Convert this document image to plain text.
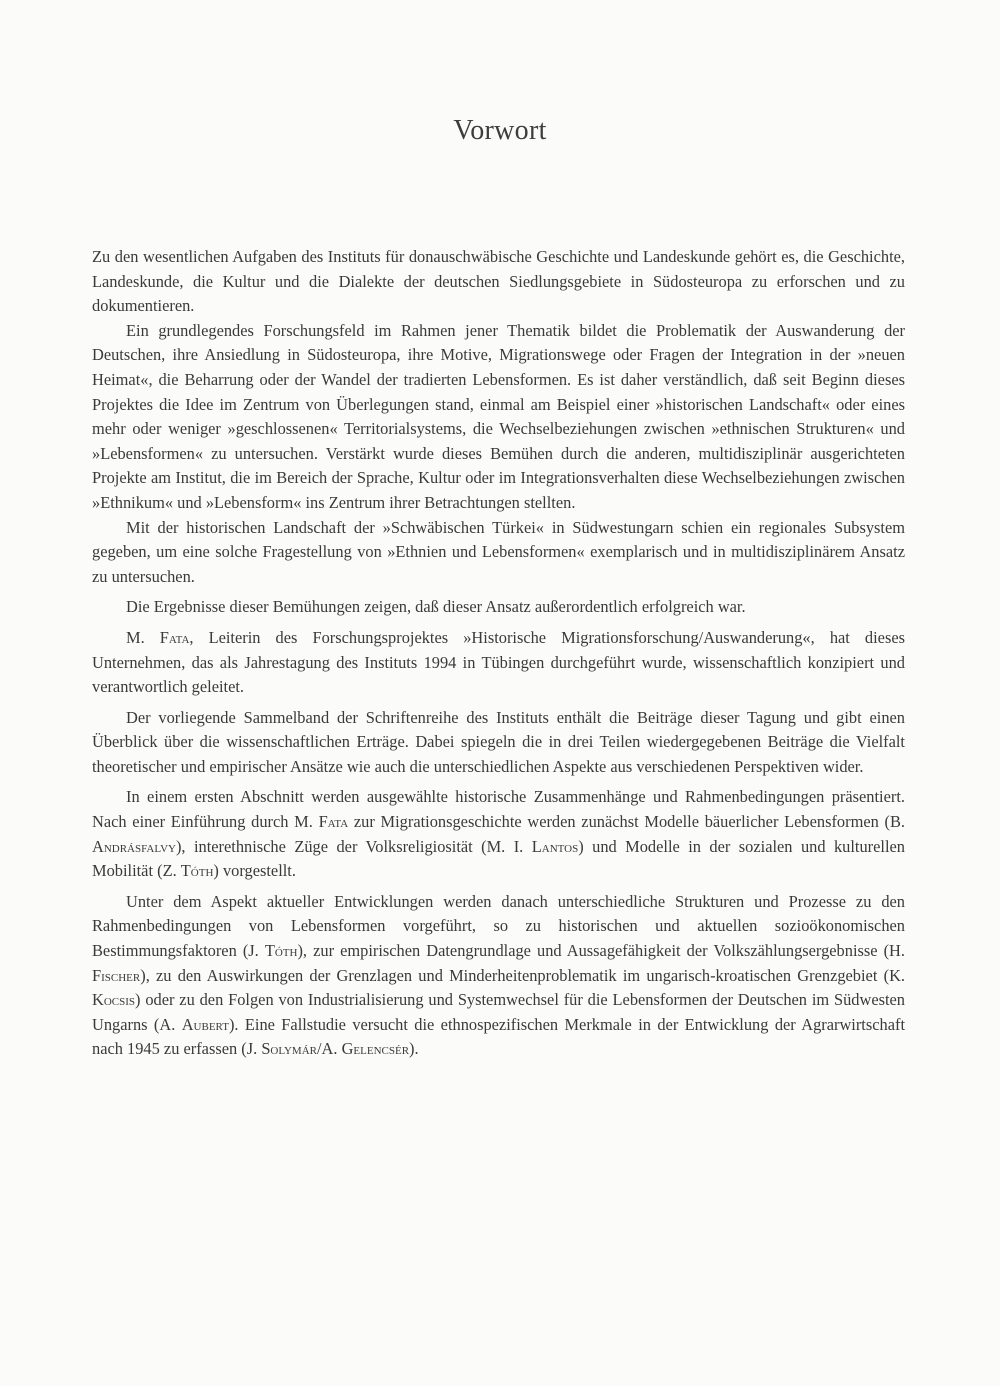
Vorwort

Zu den wesentlichen Aufgaben des Instituts für donauschwäbische Geschichte und Landeskunde gehört es, die Geschichte, Landeskunde, die Kultur und die Dialekte der deutschen Siedlungsgebiete in Südosteuropa zu erforschen und zu dokumentieren.

Ein grundlegendes Forschungsfeld im Rahmen jener Thematik bildet die Problematik der Auswanderung der Deutschen, ihre Ansiedlung in Südosteuropa, ihre Motive, Migrationswege oder Fragen der Integration in der »neuen Heimat«, die Beharrung oder der Wandel der tradierten Lebensformen. Es ist daher verständlich, daß seit Beginn dieses Projektes die Idee im Zentrum von Überlegungen stand, einmal am Beispiel einer »historischen Landschaft« oder eines mehr oder weniger »geschlossenen« Territorialsystems, die Wechselbeziehungen zwischen »ethnischen Strukturen« und »Lebensformen« zu untersuchen. Verstärkt wurde dieses Bemühen durch die anderen, multidisziplinär ausgerichteten Projekte am Institut, die im Bereich der Sprache, Kultur oder im Integrationsverhalten diese Wechselbeziehungen zwischen »Ethnikum« und »Lebensform« ins Zentrum ihrer Betrachtungen stellten.

Mit der historischen Landschaft der »Schwäbischen Türkei« in Südwestungarn schien ein regionales Subsystem gegeben, um eine solche Fragestellung von »Ethnien und Lebensformen« exemplarisch und in multidisziplinärem Ansatz zu untersuchen.

Die Ergebnisse dieser Bemühungen zeigen, daß dieser Ansatz außerordentlich erfolgreich war.

M. Fata, Leiterin des Forschungsprojektes »Historische Migrationsforschung/Auswanderung«, hat dieses Unternehmen, das als Jahrestagung des Instituts 1994 in Tübingen durchgeführt wurde, wissenschaftlich konzipiert und verantwortlich geleitet.

Der vorliegende Sammelband der Schriftenreihe des Instituts enthält die Beiträge dieser Tagung und gibt einen Überblick über die wissenschaftlichen Erträge. Dabei spiegeln die in drei Teilen wiedergegebenen Beiträge die Vielfalt theoretischer und empirischer Ansätze wie auch die unterschiedlichen Aspekte aus verschiedenen Perspektiven wider.

In einem ersten Abschnitt werden ausgewählte historische Zusammenhänge und Rahmenbedingungen präsentiert. Nach einer Einführung durch M. Fata zur Migrationsgeschichte werden zunächst Modelle bäuerlicher Lebensformen (B. Andrásfalvy), interethnische Züge der Volksreligiosität (M. I. Lantos) und Modelle in der sozialen und kulturellen Mobilität (Z. Tóth) vorgestellt.

Unter dem Aspekt aktueller Entwicklungen werden danach unterschiedliche Strukturen und Prozesse zu den Rahmenbedingungen von Lebensformen vorgeführt, so zu historischen und aktuellen sozioökonomischen Bestimmungsfaktoren (J. Tóth), zur empirischen Datengrundlage und Aussagefähigkeit der Volkszählungsergebnisse (H. Fischer), zu den Auswirkungen der Grenzlagen und Minderheitenproblematik im ungarisch-kroatischen Grenzgebiet (K. Kocsis) oder zu den Folgen von Industrialisierung und Systemwechsel für die Lebensformen der Deutschen im Südwesten Ungarns (A. Aubert). Eine Fallstudie versucht die ethnospezifischen Merkmale in der Entwicklung der Agrarwirtschaft nach 1945 zu erfassen (J. Solymár/A. Gelencsér).
